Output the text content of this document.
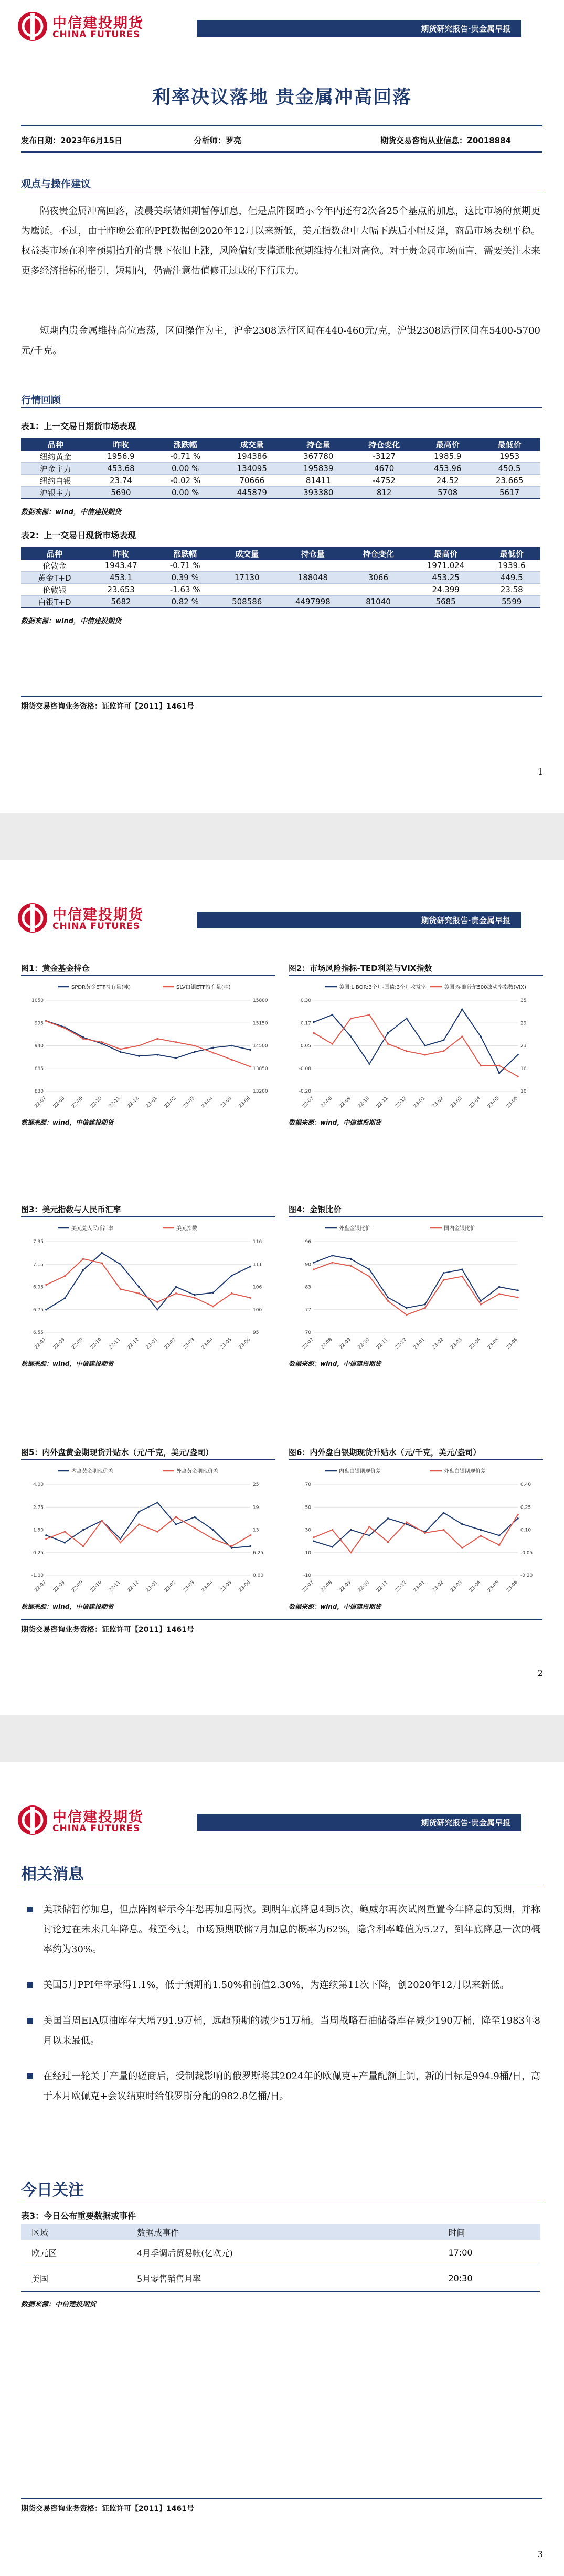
中信建投期货
CHINA FUTURES
期货研究报告·贵金属早报
利率决议落地 贵金属冲高回落
发布日期：2023年6月15日	分析师：罗亮	期货交易咨询从业信息：Z0018884
观点与操作建议
隔夜贵金属冲高回落，凌晨美联储如期暂停加息，但是点阵图暗示今年内还有2次各25个基点的加息，这比市场的预期更为鹰派。不过，由于昨晚公布的PPI数据创2020年12月以来新低，美元指数盘中大幅下跌后小幅反弹，商品市场表现平稳。权益类市场在利率预期抬升的背景下依旧上涨，风险偏好支撑通胀预期维持在相对高位。对于贵金属市场而言，需要关注未来更多经济指标的指引，短期内，仍需注意估值修正过成的下行压力。
短期内贵金属维持高位震荡，区间操作为主，沪金2308运行区间在440-460元/克，沪银2308运行区间在5400-5700元/千克。
行情回顾
表1：上一交易日期货市场表现
品种	昨收	涨跌幅	成交量	持仓量	持仓变化	最高价	最低价
纽约黄金	1956.9	-0.71 %	194386	367780	-3127	1985.9	1953
沪金主力	453.68	0.00 %	134095	195839	4670	453.96	450.5
纽约白银	23.74	-0.02 %	70666	81411	-4752	24.52	23.665
沪银主力	5690	0.00 %	445879	393380	812	5708	5617
数据来源：wind，中信建投期货
表2：上一交易日现货市场表现
品种	昨收	涨跌幅	成交量	持仓量	持仓变化	最高价	最低价
伦敦金	1943.47	-0.71 %				1971.024	1939.6
黄金T+D	453.1	0.39 %	17130	188048	3066	453.25	449.5
伦敦银	23.653	-1.63 %				24.399	23.58
白银T+D	5682	0.82 %	508586	4497998	81040	5685	5599
数据来源：wind，中信建投期货
期货交易咨询业务资格：证监许可【2011】1461号
1
中信建投期货
CHINA FUTURES
期货研究报告·贵金属早报
图1：黄金基金持仓
SPDR黄金ETF持有量(吨)	SLV白银ETF持有量(吨)
1050	15800
995	15150
940	14500
885	13850
830	13200
22-07 22-08 22-09 22-10 22-11 22-12 23-01 23-02 23-03 23-04 23-05 23-06
数据来源：wind，中信建投期货
图2：市场风险指标-TED利差与VIX指数
美国:LIBOR:3个月-国债:3个月收益率	美国:标准普尔500波动率指数(VIX)
0.30	35
0.17	29
0.05	23
-0.08	16
-0.20	10
22-07 22-08 22-09 22-10 22-11 22-12 23-01 23-02 23-03 23-04 23-05 23-06
数据来源：wind，中信建投期货
图3：美元指数与人民币汇率
美元兑人民币汇率	美元指数
7.35	116
7.15	111
6.95	106
6.75	100
6.55	95
22-07 22-08 22-09 22-10 22-11 22-12 23-01 23-02 23-03 23-04 23-05 23-06
数据来源：wind，中信建投期货
图4：金银比价
外盘金银比价	国内金银比价
96
90
83
77
70
22-07 22-08 22-09 22-10 22-11 22-12 23-01 23-02 23-03 23-04 23-05 23-06
数据来源：wind，中信建投期货
图5：内外盘黄金期现货升贴水（元/千克，美元/盎司）
内盘黄金期现价差	外盘黄金期现价差
4.00	25
2.75	19
1.50	13
0.25	6.25
-1.00	0.00
22-07 22-08 22-09 22-10 22-11 22-12 23-01 23-02 23-03 23-04 23-05 23-06
数据来源：wind，中信建投期货
图6：内外盘白银期现货升贴水（元/千克，美元/盎司）
内盘白银期现价差	外盘白银期现价差
70	0.40
50	0.25
30	0.10
10	-0.05
-10	-0.20
22-07 22-08 22-09 22-10 22-11 22-12 23-01 23-02 23-03 23-04 23-05 23-06
数据来源：wind，中信建投期货
期货交易咨询业务资格：证监许可【2011】1461号
2
中信建投期货
CHINA FUTURES
期货研究报告·贵金属早报
相关消息
美联储暂停加息，但点阵图暗示今年恐再加息两次。到明年底降息4到5次，鲍威尔再次试图重置今年降息的预期，并称讨论过在未来几年降息。截至今晨，市场预期联储7月加息的概率为62%，隐含利率峰值为5.27，到年底降息一次的概率约为30%。
美国5月PPI年率录得1.1%，低于预期的1.50%和前值2.30%，为连续第11次下降，创2020年12月以来新低。
美国当周EIA原油库存大增791.9万桶，远超预期的减少51万桶。当周战略石油储备库存减少190万桶，降至1983年8月以来最低。
在经过一轮关于产量的磋商后，受制裁影响的俄罗斯将其2024年的欧佩克+产量配额上调，新的目标是994.9桶/日，高于本月欧佩克+会议结束时给俄罗斯分配的982.8亿桶/日。
今日关注
表3：今日公布重要数据或事件
区域	数据或事件	时间
欧元区	4月季调后贸易帐(亿欧元)	17:00
美国	5月零售销售月率	20:30
数据来源：中信建投期货
期货交易咨询业务资格：证监许可【2011】1461号
3
